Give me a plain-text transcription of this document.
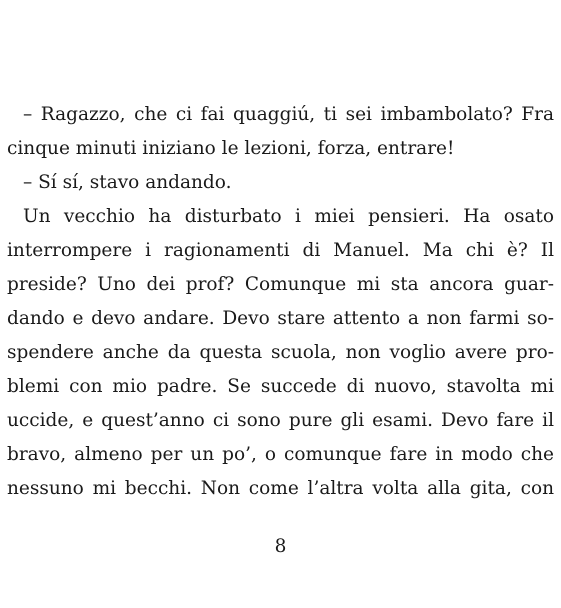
– Ragazzo, che ci fai quaggiú, ti sei imbambolato? Fra
cinque minuti iniziano le lezioni, forza, entrare!
– Sí sí, stavo andando.
Un vecchio ha disturbato i miei pensieri. Ha osato
interrompere i ragionamenti di Manuel. Ma chi è? Il
preside? Uno dei prof? Comunque mi sta ancora guar-
dando e devo andare. Devo stare attento a non farmi so-
spendere anche da questa scuola, non voglio avere pro-
blemi con mio padre. Se succede di nuovo, stavolta mi
uccide, e quest’anno ci sono pure gli esami. Devo fare il
bravo, almeno per un po’, o comunque fare in modo che
nessuno mi becchi. Non come l’altra volta alla gita, con
8
